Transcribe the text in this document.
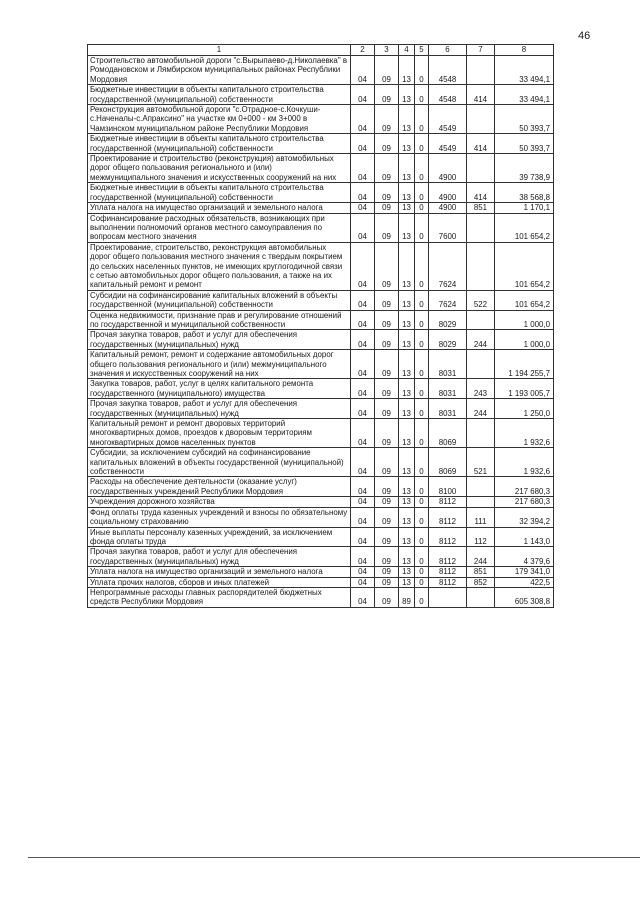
46
1	2	3	4	5	6	7	8
Строительство автомобильной дороги "с.Вырыпаево-д.Николаевка" в Ромодановском и Лямбирском муниципальных районах Республики Мордовия	04	09	13	0	4548		33 494,1
Бюджетные инвестиции в объекты капитального строительства государственной (муниципальной) собственности	04	09	13	0	4548	414	33 494,1
Реконструкция автомобильной дороги "с.Отрадное-с.Кочкуши-с.Наченалы-с.Апраксино" на участке км 0+000 - км 3+000 в Чамзинском муниципальном районе Республики Мордовия	04	09	13	0	4549		50 393,7
Бюджетные инвестиции в объекты капитального строительства государственной (муниципальной) собственности	04	09	13	0	4549	414	50 393,7
Проектирование и строительство (реконструкция) автомобильных дорог общего пользования регионального и (или) межмуниципального значения и искусственных сооружений на них	04	09	13	0	4900		39 738,9
Бюджетные инвестиции в объекты капитального строительства государственной (муниципальной) собственности	04	09	13	0	4900	414	38 568,8
Уплата налога на имущество организаций и земельного налога	04	09	13	0	4900	851	1 170,1
Софинансирование расходных обязательств, возникающих при выполнении полномочий органов местного самоуправления по вопросам местного значения	04	09	13	0	7600		101 654,2
Проектирование, строительство, реконструкция автомобильных дорог общего пользования местного значения с твердым покрытием до сельских населенных пунктов, не имеющих круглогодичной связи с сетью автомобильных дорог общего пользования, а также на их капитальный ремонт и ремонт	04	09	13	0	7624		101 654,2
Субсидии на софинансирование капитальных вложений в объекты государственной (муниципальной) собственности	04	09	13	0	7624	522	101 654,2
Оценка недвижимости, признание прав и регулирование отношений по государственной и муниципальной собственности	04	09	13	0	8029		1 000,0
Прочая закупка товаров, работ и услуг для обеспечения государственных (муниципальных) нужд	04	09	13	0	8029	244	1 000,0
Капитальный ремонт, ремонт и содержание автомобильных дорог общего пользования регионального и (или) межмуниципального значения и искусственных сооружений на них	04	09	13	0	8031		1 194 255,7
Закупка товаров, работ, услуг в целях капитального ремонта государственного (муниципального) имущества	04	09	13	0	8031	243	1 193 005,7
Прочая закупка товаров, работ и услуг для обеспечения государственных (муниципальных) нужд	04	09	13	0	8031	244	1 250,0
Капитальный ремонт и ремонт дворовых территорий многоквартирных домов, проездов к дворовым территориям многоквартирных домов населенных пунктов	04	09	13	0	8069		1 932,6
Субсидии, за исключением субсидий на софинансирование капитальных вложений в объекты государственной (муниципальной) собственности	04	09	13	0	8069	521	1 932,6
Расходы на обеспечение деятельности (оказание услуг) государственных учреждений Республики Мордовия	04	09	13	0	8100		217 680,3
Учреждения дорожного хозяйства	04	09	13	0	8112		217 680,3
Фонд оплаты труда казенных учреждений и взносы по обязательному социальному страхованию	04	09	13	0	8112	111	32 394,2
Иные выплаты персоналу казенных учреждений, за исключением фонда оплаты труда	04	09	13	0	8112	112	1 143,0
Прочая закупка товаров, работ и услуг для обеспечения государственных (муниципальных) нужд	04	09	13	0	8112	244	4 379,6
Уплата налога на имущество организаций и земельного налога	04	09	13	0	8112	851	179 341,0
Уплата прочих налогов, сборов и иных платежей	04	09	13	0	8112	852	422,5
Непрограммные расходы главных распорядителей бюджетных средств Республики Мордовия	04	09	89	0			605 308,8
